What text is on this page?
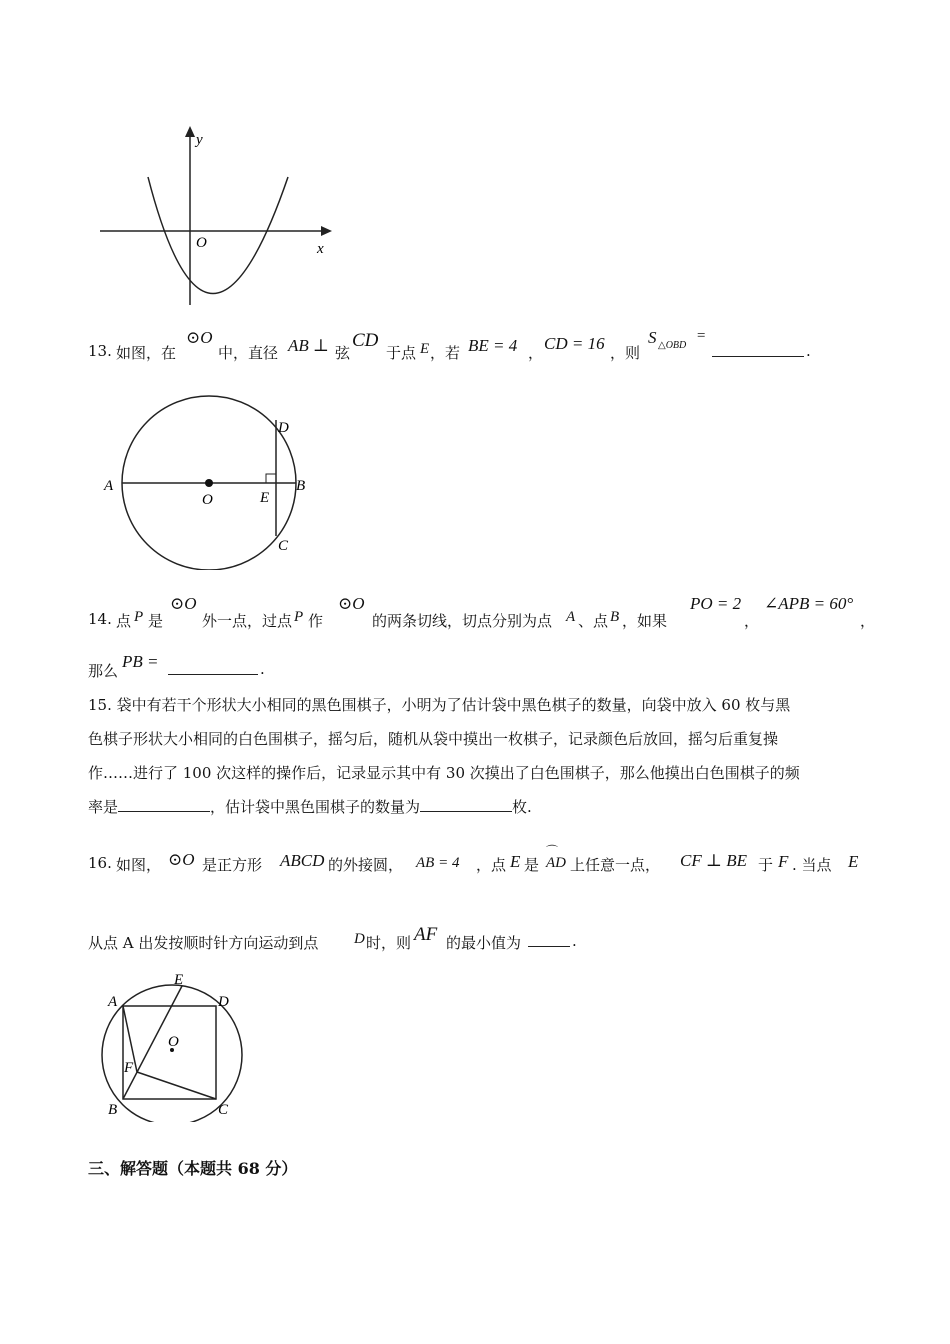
y
x
O
13. 如图，在
⊙O
中，直径 AB ⊥ 弦
CD
于点 E ，若 BE = 4 ， CD = 16 ，则
S △OBD
=
.
A
O	E
B
C
D
14. 点 P 是
⊙O
外一点，过点 P 作
⊙O
的两条切线，切点分别为点 A 、点 B ，如果
PO = 2
，
∠APB = 60°
，
那么 PB =	.
15. 袋中有若干个形状大小相同的黑色围棋子，小明为了估计袋中黑色棋子的数量，向袋中放入 60 枚与黑
色棋子形状大小相同的白色围棋子，摇匀后，随机从袋中摸出一枚棋子，记录颜色后放回，摇匀后重复操
作……进行了 100 次这样的操作后，记录显示其中有 30 次摸出了白色围棋子，那么他摸出白色围棋子的频
率是	，估计袋中黑色围棋子的数量为	枚.
16. 如图， ⊙O 是正方形 ABCD 的外接圆， AB = 4 ，点 E 是
⌒
AD 上任意一点， CF ⊥ BE 于 F . 当点 E
从点 A 出发按顺时针方向运动到点 D 时，则 AF 的最小值为	.
A
E
D
O
F
B	C
三、解答题（本题共 68 分）
